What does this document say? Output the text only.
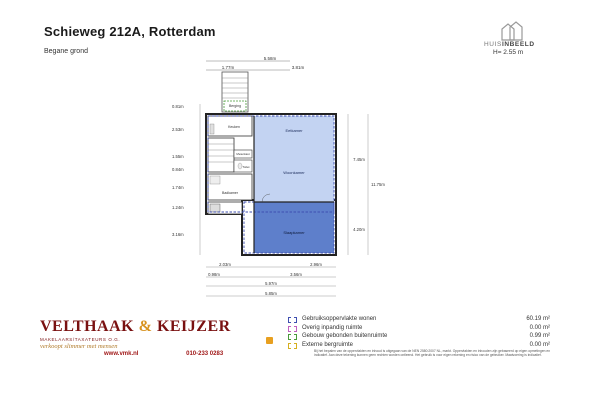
Schieweg 212A, Rotterdam
Begane grond	H= 2.55 m
HUISINBEELD
5.58m
1.77m	3.81m
Berging
Keuken
Meterkast
Toilet
Badkamer
Eetkamer
Woonkamer
Slaapkamer
0.81m
2.53m
1.55m
0.84m
1.74m
1.24m
3.16m
7.45m
4.20m
11.75m
2.03m	2.96m
0.98m	3.56m
5.97m
5.85m
VELTHAAK & KEIJZER
MAKELAARS/TAXATEURS O.G.
verkoopt slimmer met mensen
www.vmk.nl	010-233 0283
Gebruiksoppervlakte wonen	60.19 m²
Overig inpandig ruimte	0.00 m²
Gebouw gebonden buitenruimte	0.99 m²
Externe bergruimte	0.00 m²
Bij het bepalen van de oppervlakten en inhoud is uitgegaan van de NEN 2580:2007 NL, markt. Oppervlakten en inhouden zijn gebaseerd op eigen opmetingen en indicatief. Aan deze tekening kunnen geen rechten worden ontleend. Het gebruik is voor eigen rekening en risico van de gebruiker. Maatvoering is indicatief.
